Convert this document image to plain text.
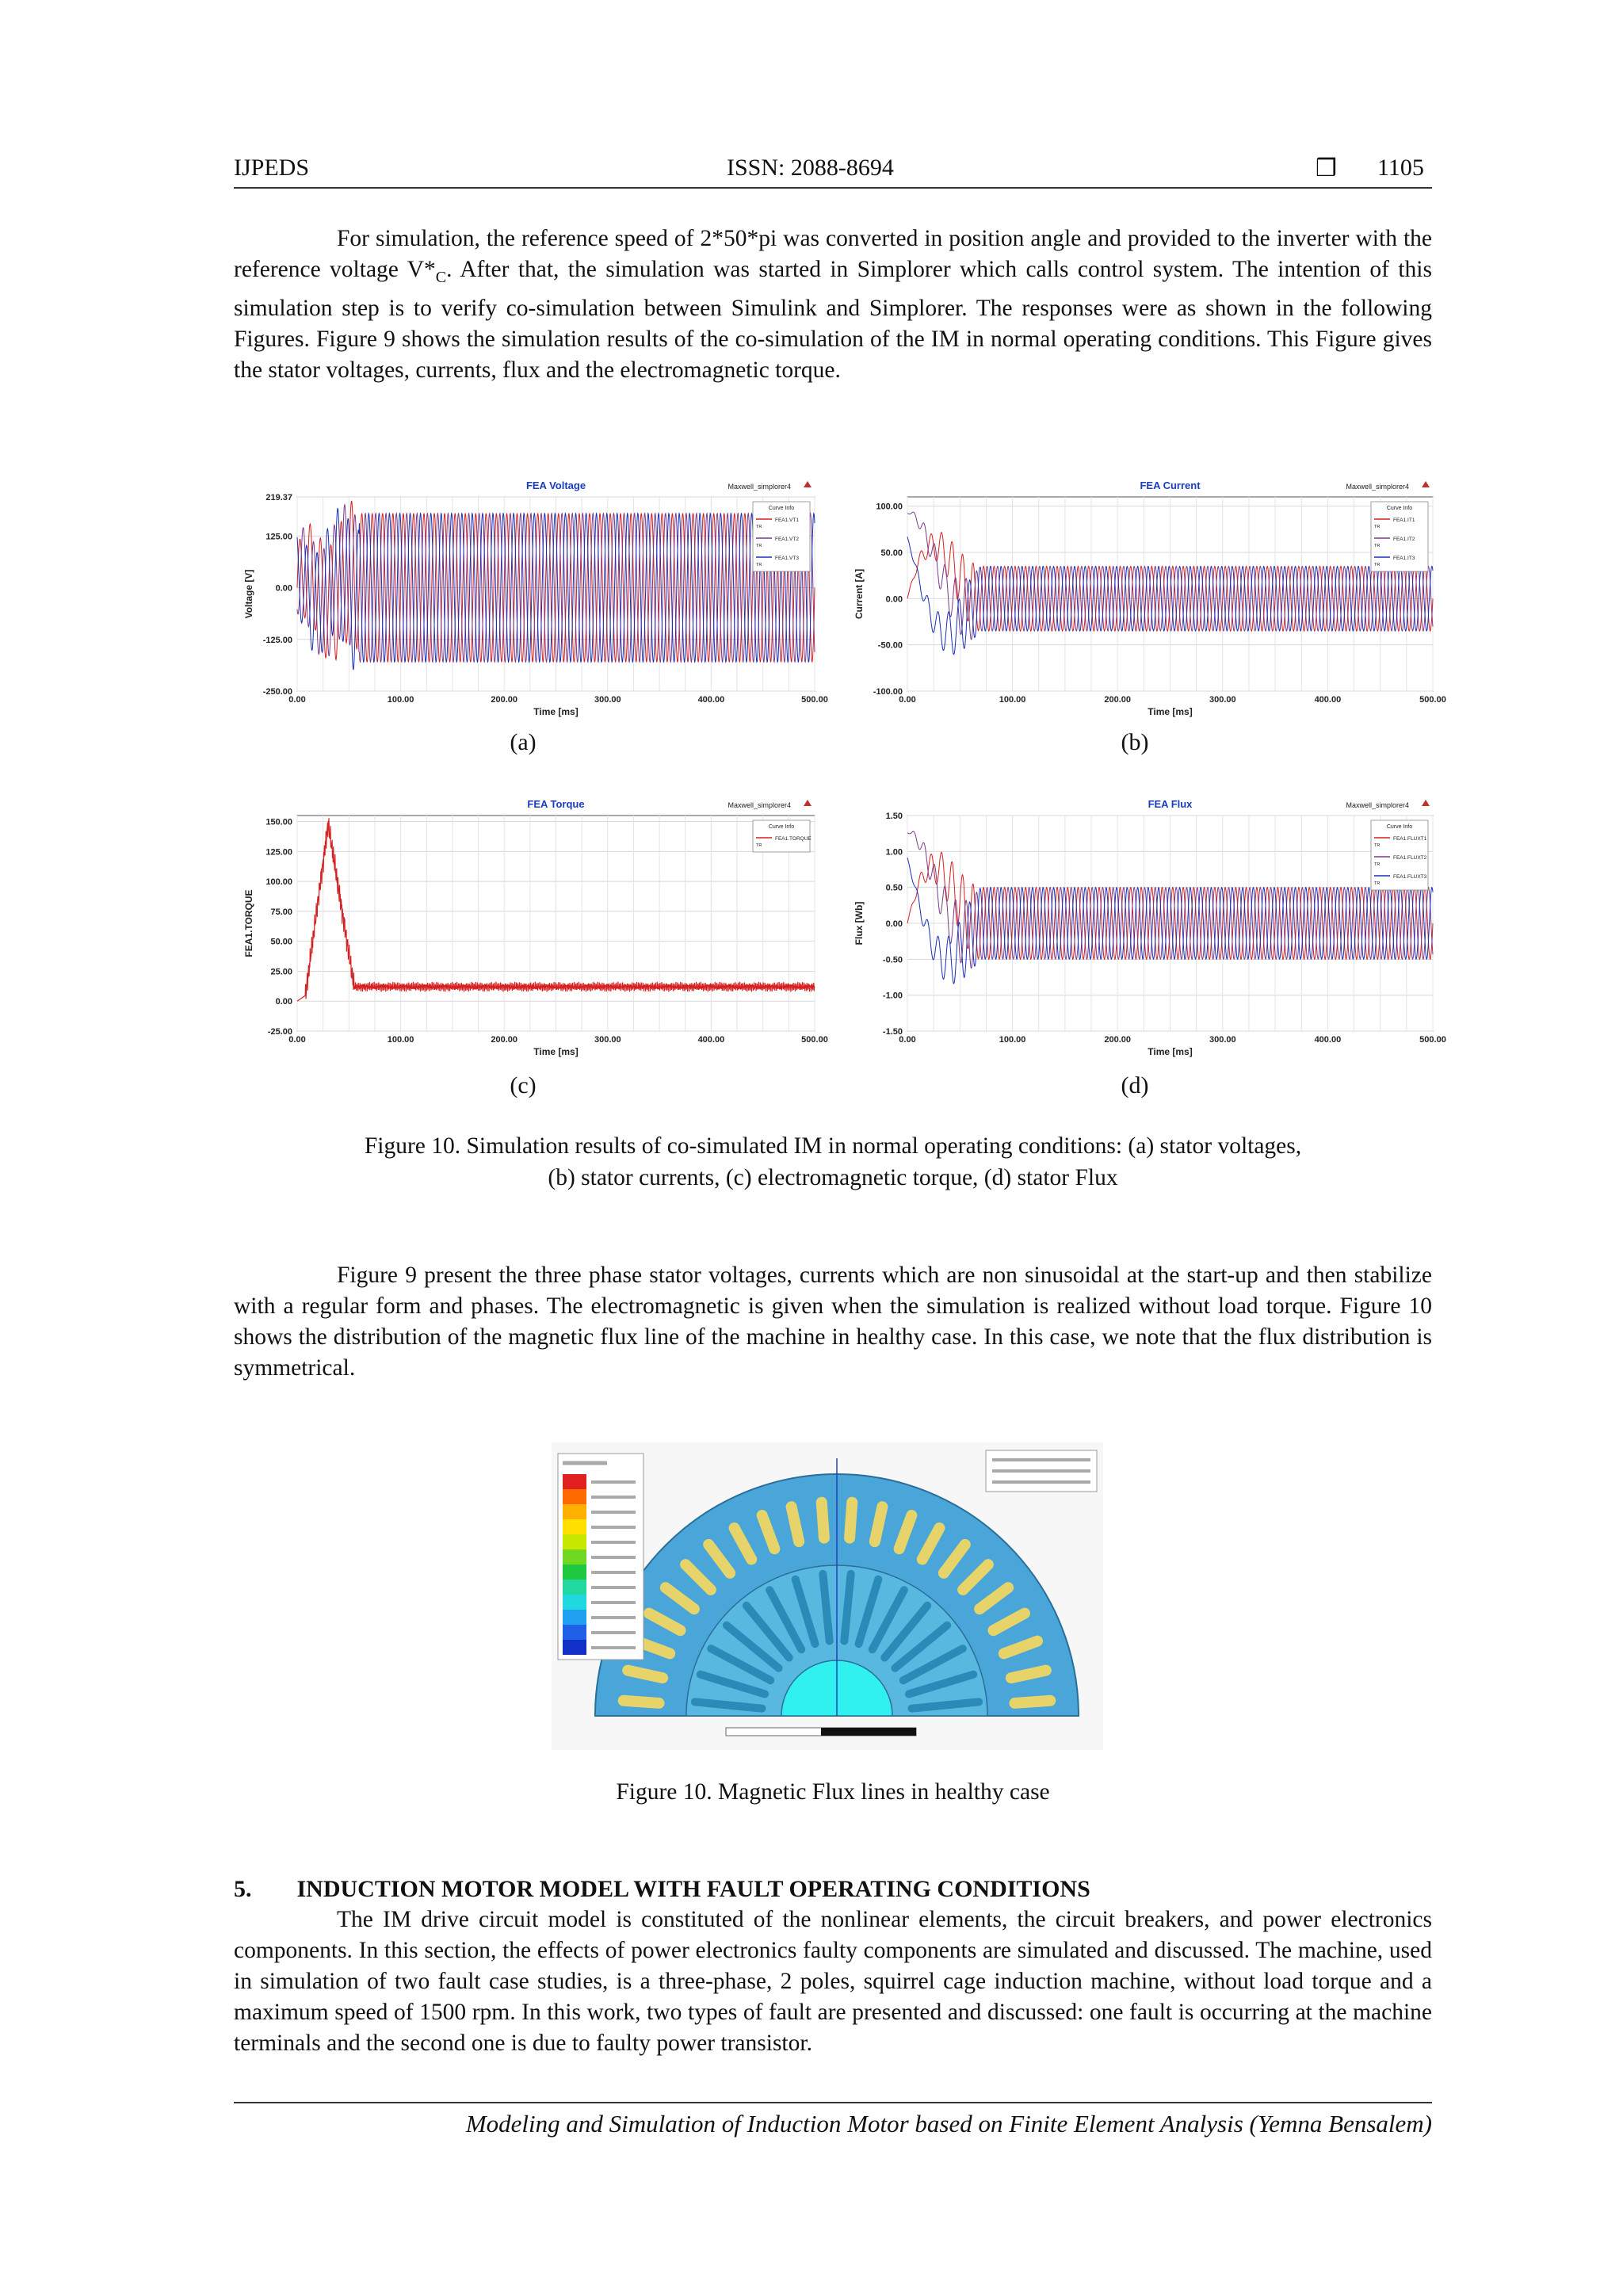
IJPEDS	ISSN: 2088-8694	❒ 1105

For simulation, the reference speed of 2*50*pi was converted in position angle and provided to the inverter with the reference voltage $V*_C$. After that, the simulation was started in Simplorer which calls control system. The intention of this simulation step is to verify co-simulation between Simulink and Simplorer. The responses were as shown in the following Figures. Figure 9 shows the simulation results of the co-simulation of the IM in normal operating conditions. This Figure gives the stator voltages, currents, flux and the electromagnetic torque.

219.37
125.00
0.00
-125.00
-250.00
0.00	100.00	200.00	300.00	400.00	500.00
Time [ms]
Voltage [V]
FEA Voltage	Maxwell_simplorer4
Curve Info
FEA1.VT1
TR
FEA1.VT2
TR
FEA1.VT3
TR
(a)
100.00
50.00
0.00
-50.00
-100.00
0.00	100.00	200.00	300.00	400.00	500.00
Time [ms]
Current [A]
FEA Current	Maxwell_simplorer4
Curve Info
FEA1.IT1
TR
FEA1.IT2
TR
FEA1.IT3
TR
(b)
150.00
125.00
100.00
75.00
50.00
25.00
0.00
-25.00
0.00	100.00	200.00	300.00	400.00	500.00
Time [ms]
FEA1.TORQUE
FEA Torque	Maxwell_simplorer4
Curve Info
FEA1.TORQUE
TR
(c)
1.50
1.00
0.50
0.00
-0.50
-1.00
-1.50
0.00	100.00	200.00	300.00	400.00	500.00
Time [ms]
Flux [Wb]
FEA Flux	Maxwell_simplorer4
Curve Info
FEA1.FLUXT1
TR
FEA1.FLUXT2
TR
FEA1.FLUXT3
TR
(d)
Figure 10. Simulation results of co-simulated IM in normal operating conditions: (a) stator voltages,
(b) stator currents, (c) electromagnetic torque, (d) stator Flux

Figure 9 present the three phase stator voltages, currents which are non sinusoidal at the start-up and then stabilize with a regular form and phases. The electromagnetic is given when the simulation is realized without load torque. Figure 10 shows the distribution of the magnetic flux line of the machine in healthy case. In this case, we note that the flux distribution is symmetrical.

Figure 10. Magnetic Flux lines in healthy case
5. INDUCTION MOTOR MODEL WITH FAULT OPERATING CONDITIONS

The IM drive circuit model is constituted of the nonlinear elements, the circuit breakers, and power electronics components. In this section, the effects of power electronics faulty components are simulated and discussed. The machine, used in simulation of two fault case studies, is a three-phase, 2 poles, squirrel cage induction machine, without load torque and a maximum speed of 1500 rpm. In this work, two types of fault are presented and discussed: one fault is occurring at the machine terminals and the second one is due to faulty power transistor.

Modeling and Simulation of Induction Motor based on Finite Element Analysis (Yemna Bensalem)
